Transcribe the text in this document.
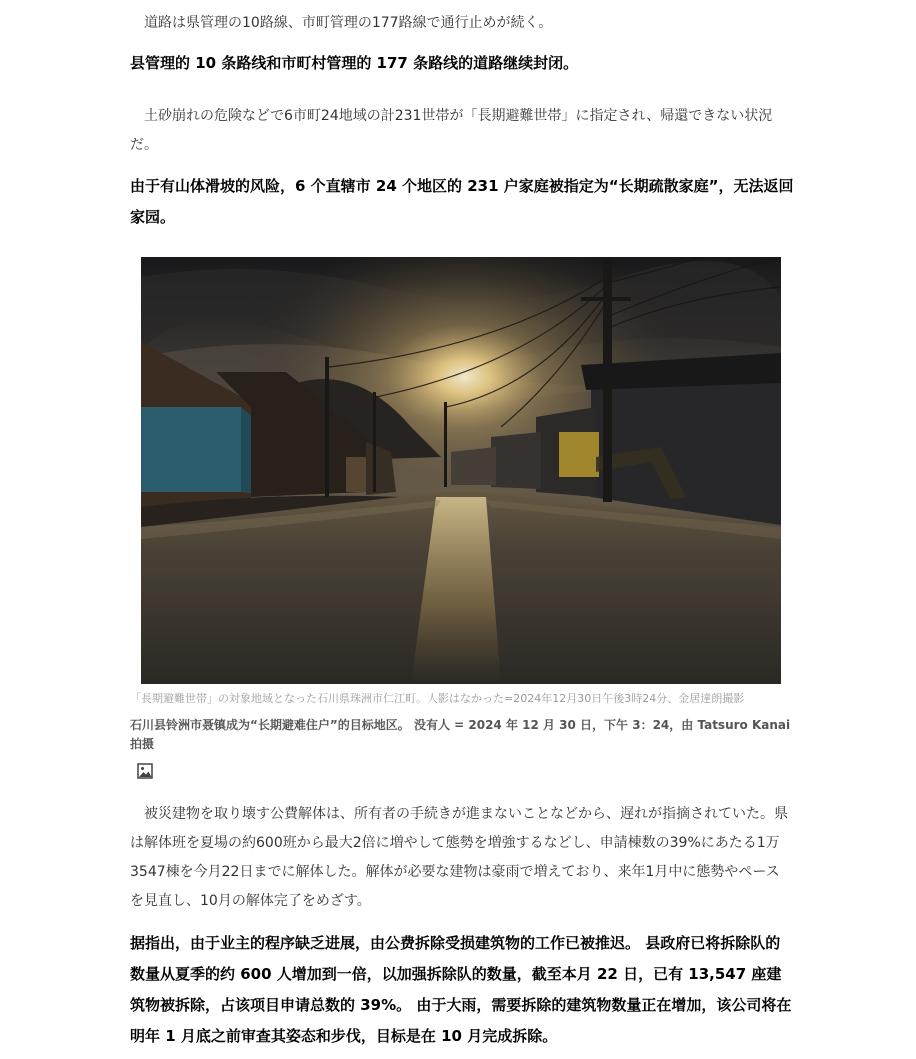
道路は県管理の10路線、市町管理の177路線で通行止めが続く。

县管理的 10 条路线和市町村管理的 177 条路线的道路继续封闭。

土砂崩れの危険などで6市町24地域の計231世帯が「長期避難世帯」に指定され、帰還できない状況だ。

由于有山体滑坡的风险，6 个直辖市 24 个地区的 231 户家庭被指定为“长期疏散家庭”，无法返回家园。

「長期避難世帯」の対象地域となった石川県珠洲市仁江町。人影はなかった=2024年12月30日午後3時24分、金居達朗撮影

石川县铃洲市聂镇成为“长期避难住户”的目标地区。 没有人 = 2024 年 12 月 30 日，下午 3：24，由 Tatsuro Kanai 拍摄

被災建物を取り壊す公費解体は、所有者の手続きが進まないことなどから、遅れが指摘されていた。県は解体班を夏場の約600班から最大2倍に増やして態勢を増強するなどし、申請棟数の39%にあたる1万3547棟を今月22日までに解体した。解体が必要な建物は豪雨で増えており、来年1月中に態勢やペースを見直し、10月の解体完了をめざす。

据指出，由于业主的程序缺乏进展，由公费拆除受损建筑物的工作已被推迟。 县政府已将拆除队的数量从夏季的约 600 人增加到一倍，以加强拆除队的数量，截至本月 22 日，已有 13,547 座建筑物被拆除，占该项目申请总数的 39%。 由于大雨，需要拆除的建筑物数量正在增加，该公司将在明年 1 月底之前审查其姿态和步伐，目标是在 10 月完成拆除。
